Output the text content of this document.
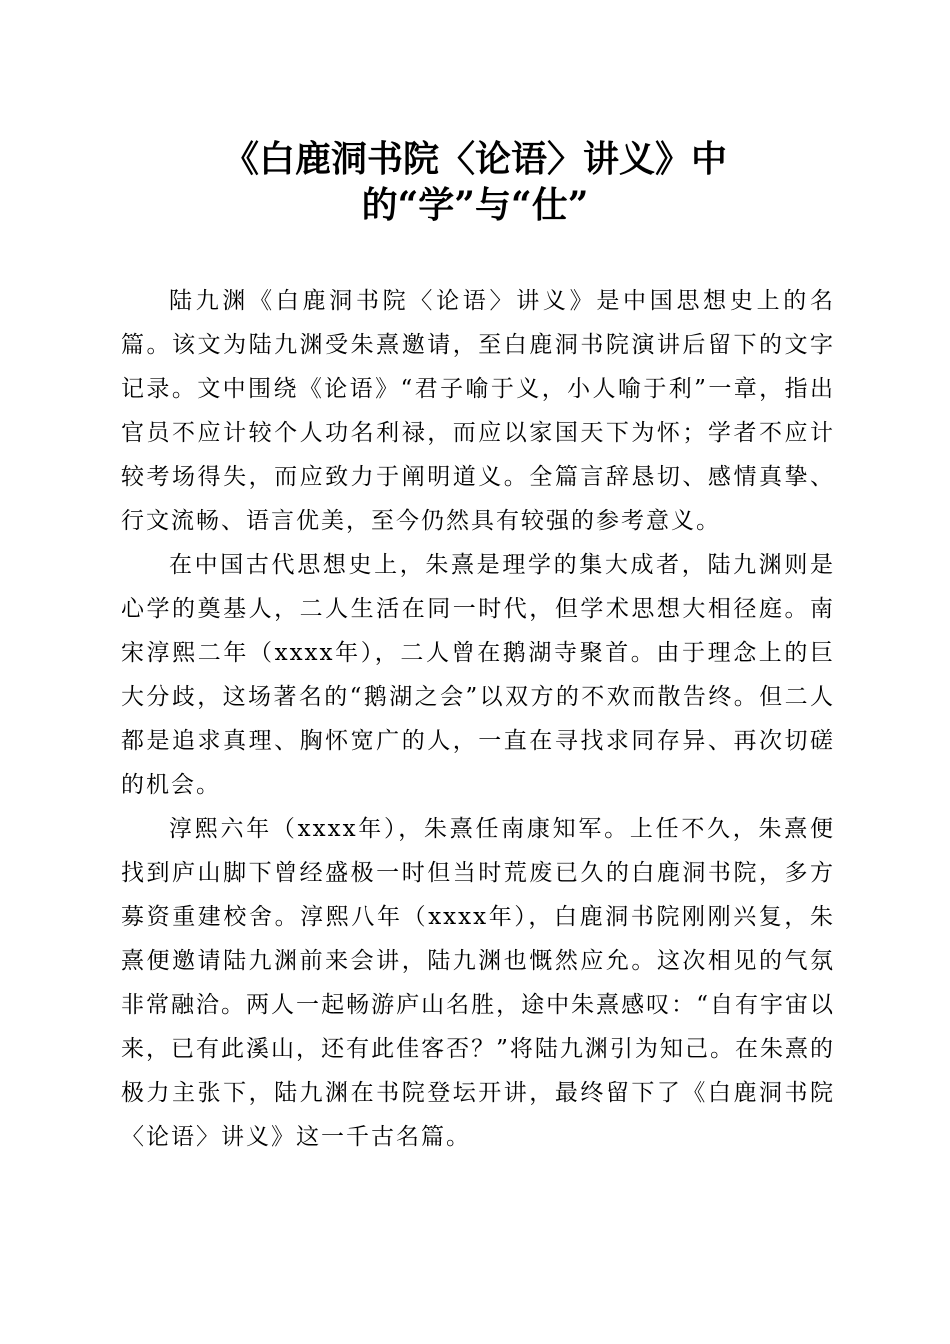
《白鹿洞书院〈论语〉讲义》中
的“学”与“仕”

陆九渊《白鹿洞书院〈论语〉讲义》是中国思想史上的名篇。该文为陆九渊受朱熹邀请，至白鹿洞书院演讲后留下的文字记录。文中围绕《论语》“君子喻于义，小人喻于利”一章，指出官员不应计较个人功名利禄，而应以家国天下为怀；学者不应计较考场得失，而应致力于阐明道义。全篇言辞恳切、感情真挚、行文流畅、语言优美，至今仍然具有较强的参考意义。

在中国古代思想史上，朱熹是理学的集大成者，陆九渊则是心学的奠基人，二人生活在同一时代，但学术思想大相径庭。南宋淳熙二年（xxxx年），二人曾在鹅湖寺聚首。由于理念上的巨大分歧，这场著名的“鹅湖之会”以双方的不欢而散告终。但二人都是追求真理、胸怀宽广的人，一直在寻找求同存异、再次切磋的机会。

淳熙六年（xxxx年），朱熹任南康知军。上任不久，朱熹便找到庐山脚下曾经盛极一时但当时荒废已久的白鹿洞书院，多方募资重建校舍。淳熙八年（xxxx年），白鹿洞书院刚刚兴复，朱熹便邀请陆九渊前来会讲，陆九渊也慨然应允。这次相见的气氛非常融洽。两人一起畅游庐山名胜，途中朱熹感叹：“自有宇宙以来，已有此溪山，还有此佳客否？”将陆九渊引为知己。在朱熹的极力主张下，陆九渊在书院登坛开讲，最终留下了《白鹿洞书院〈论语〉讲义》这一千古名篇。
